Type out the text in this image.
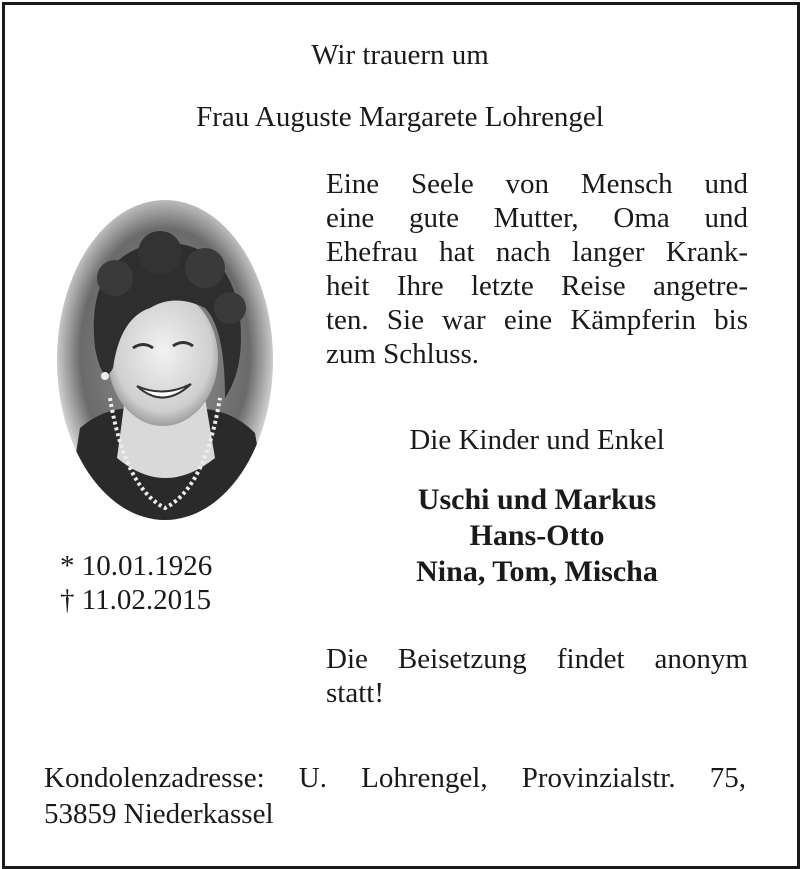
Wir trauern um
Frau Auguste Margarete Lohrengel
Eine Seele von Mensch und
eine gute Mutter, Oma und
Ehefrau hat nach langer Krank-
heit Ihre letzte Reise angetre-
ten. Sie war eine Kämpferin bis
zum Schluss.
Die Kinder und Enkel
Uschi und Markus
Hans-Otto
Nina, Tom, Mischa
* 10.01.1926
† 11.02.2015
Die Beisetzung findet anonym
statt!
Kondolenzadresse: U. Lohrengel, Provinzialstr. 75,
53859 Niederkassel
